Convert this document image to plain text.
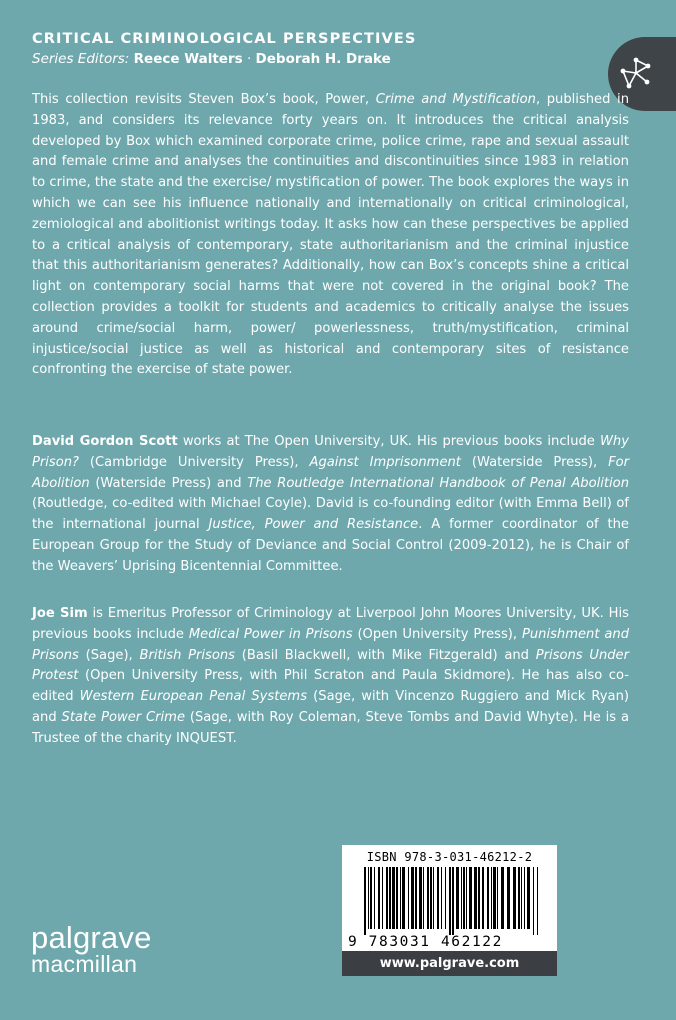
CRITICAL CRIMINOLOGICAL PERSPECTIVES
Series Editors: Reece Walters · Deborah H. Drake

This collection revisits Steven Box’s book, Power, Crime and Mystification, published in 1983, and considers its relevance forty years on. It introduces the critical analysis developed by Box which examined corporate crime, police crime, rape and sexual assault and female crime and analyses the continuities and discontinuities since 1983 in relation to crime, the state and the exercise/ mystification of power. The book explores the ways in which we can see his influence nationally and internationally on critical criminological, zemiological and abolitionist writings today. It asks how can these perspectives be applied to a critical analysis of contemporary, state authoritarianism and the criminal injustice that this authoritarianism generates? Additionally, how can Box’s concepts shine a critical light on contemporary social harms that were not covered in the original book? The collection provides a toolkit for students and academics to critically analyse the issues around crime/social harm, power/ powerlessness, truth/mystification, criminal injustice/social justice as well as historical and contemporary sites of resistance confronting the exercise of state power.

David Gordon Scott works at The Open University, UK. His previous books include Why Prison? (Cambridge University Press), Against Imprisonment (Waterside Press), For Abolition (Waterside Press) and The Routledge International Handbook of Penal Abolition (Routledge, co-edited with Michael Coyle). David is co-founding editor (with Emma Bell) of the international journal Justice, Power and Resistance. A former coordinator of the European Group for the Study of Deviance and Social Control (2009-2012), he is Chair of the Weavers’ Uprising Bicentennial Committee.

Joe Sim is Emeritus Professor of Criminology at Liverpool John Moores University, UK. His previous books include Medical Power in Prisons (Open University Press), Punishment and Prisons (Sage), British Prisons (Basil Blackwell, with Mike Fitzgerald) and Prisons Under Protest (Open University Press, with Phil Scraton and Paula Skidmore). He has also co-edited Western European Penal Systems (Sage, with Vincenzo Ruggiero and Mick Ryan) and State Power Crime (Sage, with Roy Coleman, Steve Tombs and David Whyte). He is a Trustee of the charity INQUEST.

ISBN 978-3-031-46212-2
9 783031 462122
www.palgrave.com
palgrave
macmillan
